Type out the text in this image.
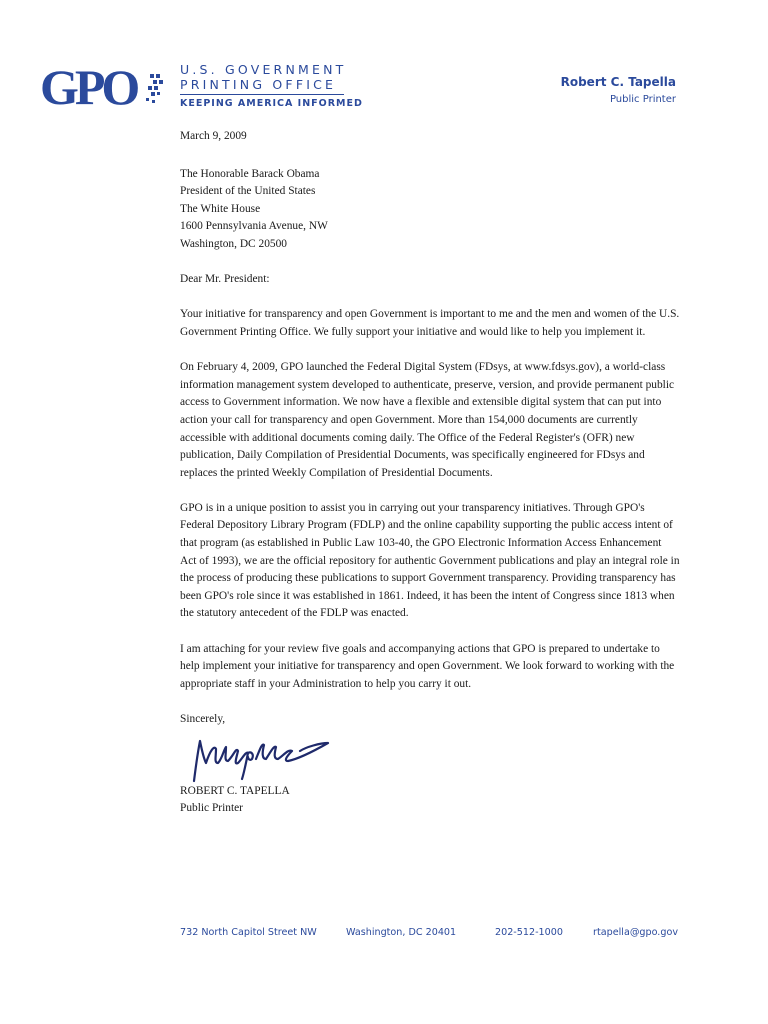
GPO	U.S. GOVERNMENT
PRINTING OFFICE
KEEPING AMERICA INFORMED
Robert C. Tapella
Public Printer

March 9, 2009

The Honorable Barack Obama
President of the United States
The White House
1600 Pennsylvania Avenue, NW
Washington, DC 20500

Dear Mr. President:

Your initiative for transparency and open Government is important to me and the men and women of the U.S. Government Printing Office. We fully support your initiative and would like to help you implement it.

On February 4, 2009, GPO launched the Federal Digital System (FDsys, at www.fdsys.gov), a world-class information management system developed to authenticate, preserve, version, and provide permanent public access to Government information. We now have a flexible and extensible digital system that can put into action your call for transparency and open Government. More than 154,000 documents are currently accessible with additional documents coming daily. The Office of the Federal Register's (OFR) new publication, Daily Compilation of Presidential Documents, was specifically engineered for FDsys and replaces the printed Weekly Compilation of Presidential Documents.

GPO is in a unique position to assist you in carrying out your transparency initiatives. Through GPO's Federal Depository Library Program (FDLP) and the online capability supporting the public access intent of that program (as established in Public Law 103-40, the GPO Electronic Information Access Enhancement Act of 1993), we are the official repository for authentic Government publications and play an integral role in the process of producing these publications to support Government transparency. Providing transparency has been GPO's role since it was established in 1861. Indeed, it has been the intent of Congress since 1813 when the statutory antecedent of the FDLP was enacted.

I am attaching for your review five goals and accompanying actions that GPO is prepared to undertake to help implement your initiative for transparency and open Government. We look forward to working with the appropriate staff in your Administration to help you carry it out.

Sincerely,
ROBERT C. TAPELLA
Public Printer
732 North Capitol Street NW	Washington, DC 20401	202-512-1000	rtapella@gpo.gov
